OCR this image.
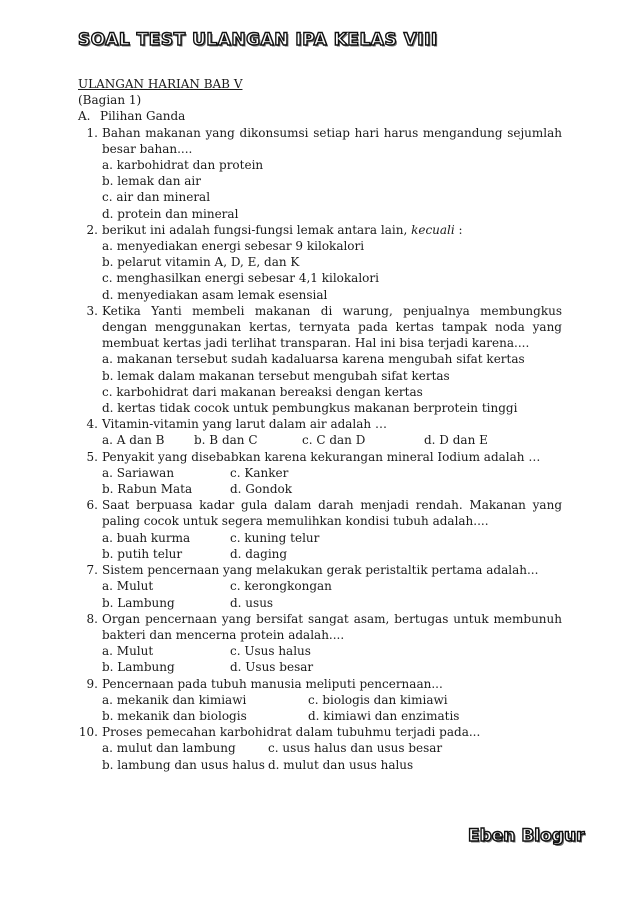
SOAL TEST ULANGAN IPA KELAS VIII
ULANGAN HARIAN BAB V
(Bagian 1)
A. Pilihan Ganda
1. Bahan makanan yang dikonsumsi setiap hari harus mengandung sejumlah besar bahan....
a. karbohidrat dan protein
b. lemak dan air
c. air dan mineral
d. protein dan mineral
2. berikut ini adalah fungsi-fungsi lemak antara lain, kecuali :
a. menyediakan energi sebesar 9 kilokalori
b. pelarut vitamin A, D, E, dan K
c. menghasilkan energi sebesar 4,1 kilokalori
d. menyediakan asam lemak esensial
3. Ketika Yanti membeli makanan di warung, penjualnya membungkus dengan menggunakan kertas, ternyata pada kertas tampak noda yang membuat kertas jadi terlihat transparan. Hal ini bisa terjadi karena....
a. makanan tersebut sudah kadaluarsa karena mengubah sifat kertas
b. lemak dalam makanan tersebut mengubah sifat kertas
c. karbohidrat dari makanan bereaksi dengan kertas
d. kertas tidak cocok untuk pembungkus makanan berprotein tinggi
4. Vitamin-vitamin yang larut dalam air adalah …
a. A dan B	b. B dan C	c. C dan D	d. D dan E
5. Penyakit yang disebabkan karena kekurangan mineral Iodium adalah …
a. Sariawan	c. Kanker
b. Rabun Mata	d. Gondok
6. Saat berpuasa kadar gula dalam darah menjadi rendah. Makanan yang paling cocok untuk segera memulihkan kondisi tubuh adalah....
a. buah kurma	c. kuning telur
b. putih telur	d. daging
7. Sistem pencernaan yang melakukan gerak peristaltik pertama adalah...
a. Mulut	c. kerongkongan
b. Lambung	d. usus
8. Organ pencernaan yang bersifat sangat asam, bertugas untuk membunuh bakteri dan mencerna protein adalah....
a. Mulut	c. Usus halus
b. Lambung	d. Usus besar
9. Pencernaan pada tubuh manusia meliputi pencernaan...
a. mekanik dan kimiawi	c. biologis dan kimiawi
b. mekanik dan biologis	d. kimiawi dan enzimatis
10. Proses pemecahan karbohidrat dalam tubuhmu terjadi pada...
a. mulut dan lambung	c. usus halus dan usus besar
b. lambung dan usus halus d. mulut dan usus halus
Eben Blogur
